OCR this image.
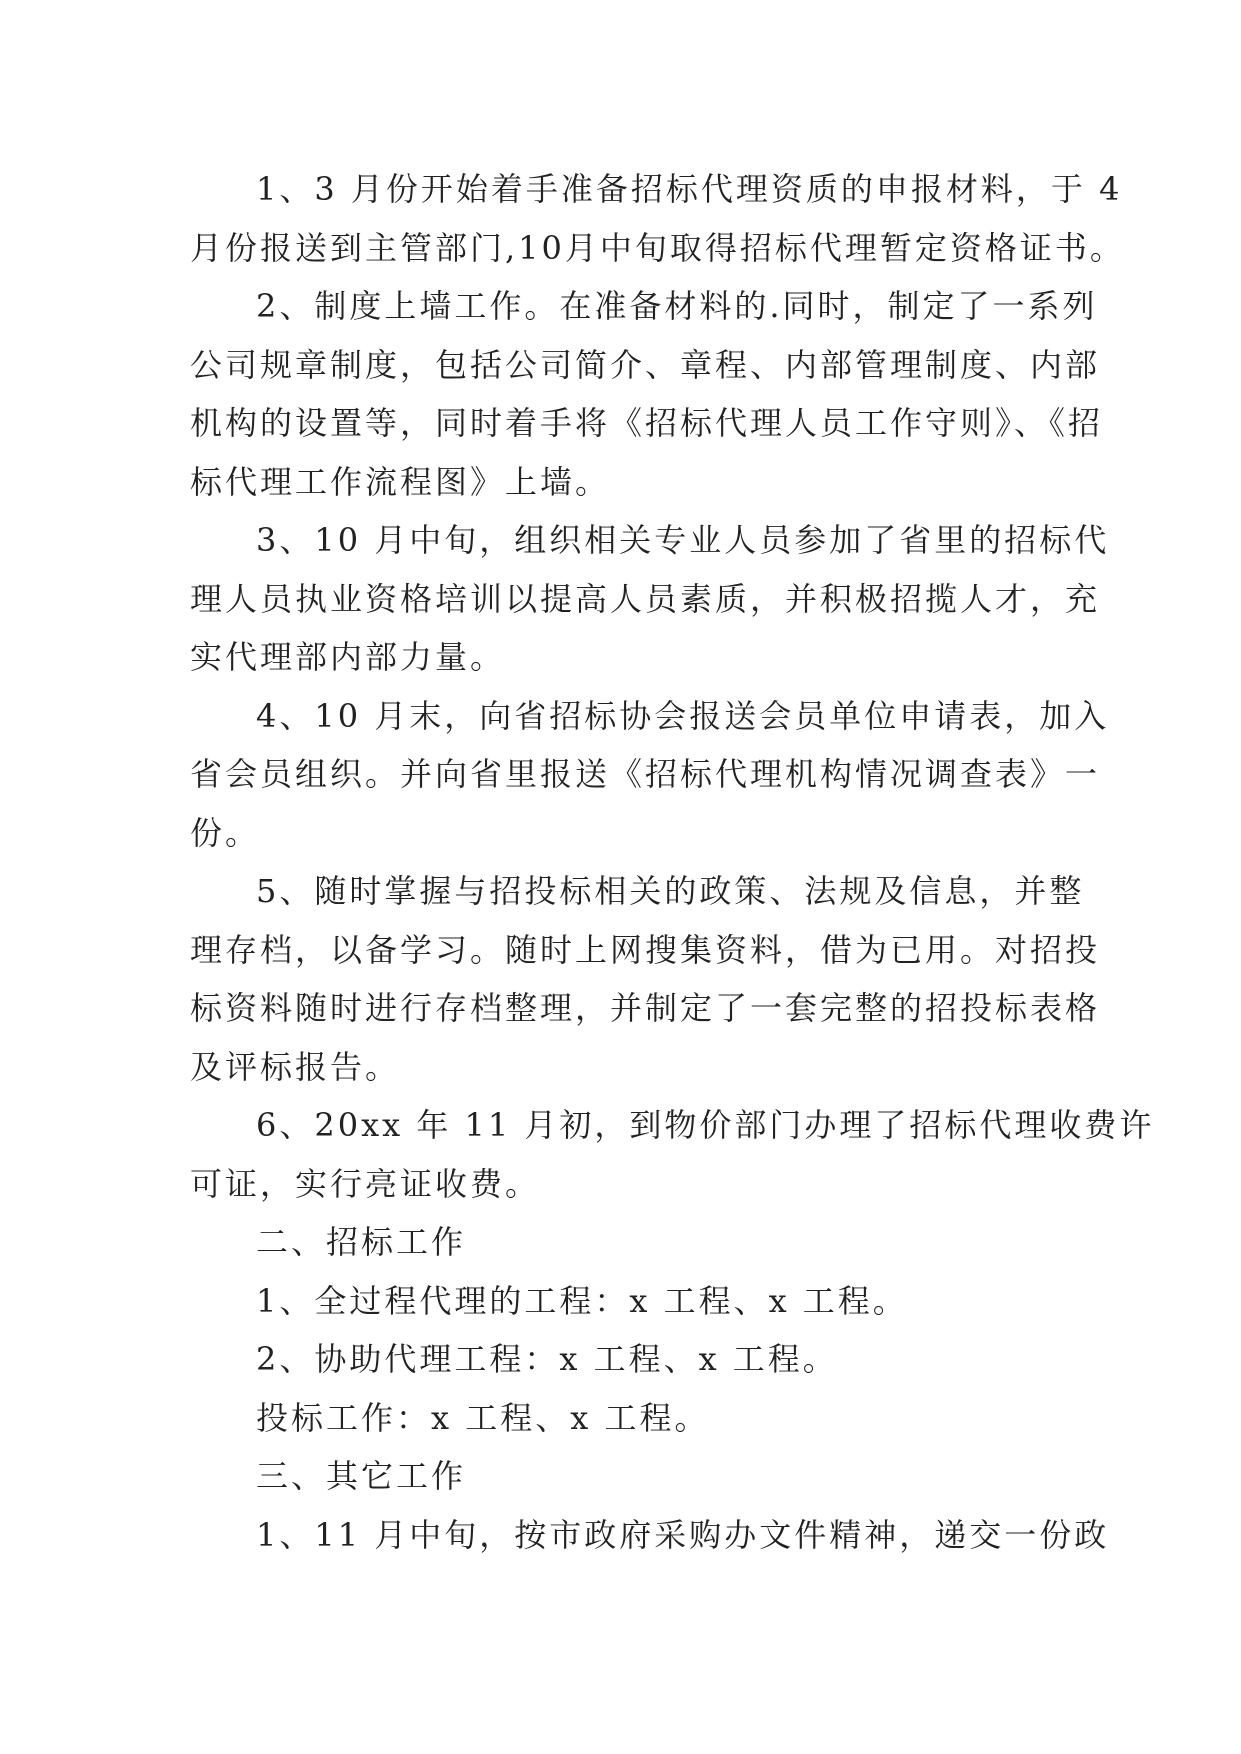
1、3 月份开始着手准备招标代理资质的申报材料，于 4

月份报送到主管部门,10月中旬取得招标代理暂定资格证书。

2、制度上墙工作。在准备材料的.同时，制定了一系列

公司规章制度，包括公司简介、章程、内部管理制度、内部

机构的设置等，同时着手将《招标代理人员工作守则》、《招

标代理工作流程图》上墙。

3、10 月中旬，组织相关专业人员参加了省里的招标代

理人员执业资格培训以提高人员素质，并积极招揽人才，充

实代理部内部力量。

4、10 月末，向省招标协会报送会员单位申请表，加入

省会员组织。并向省里报送《招标代理机构情况调查表》一

份。

5、随时掌握与招投标相关的政策、法规及信息，并整

理存档，以备学习。随时上网搜集资料，借为已用。对招投

标资料随时进行存档整理，并制定了一套完整的招投标表格

及评标报告。

6、20xx 年 11 月初，到物价部门办理了招标代理收费许

可证，实行亮证收费。

二、招标工作

1、全过程代理的工程：x 工程、x 工程。

2、协助代理工程：x 工程、x 工程。

投标工作：x 工程、x 工程。

三、其它工作

1、11 月中旬，按市政府采购办文件精神，递交一份政
